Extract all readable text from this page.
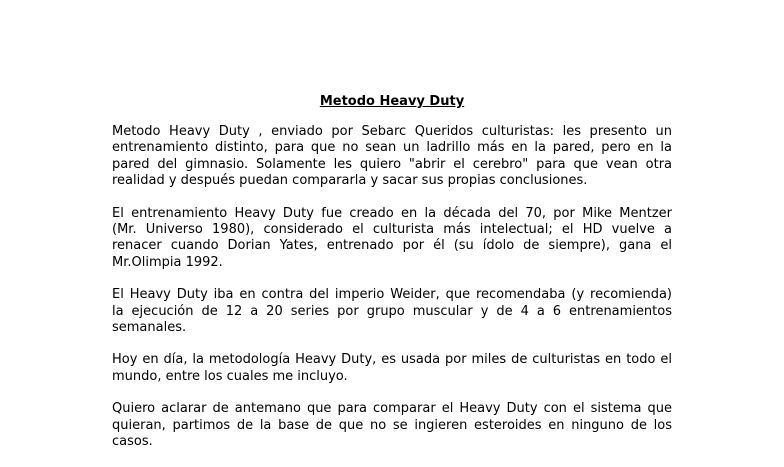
Metodo Heavy Duty

Metodo Heavy Duty , enviado por Sebarc Queridos culturistas: les presento un
entrenamiento distinto, para que no sean un ladrillo más en la pared, pero en la
pared del gimnasio. Solamente les quiero "abrir el cerebro" para que vean otra
realidad y después puedan compararla y sacar sus propias conclusiones.

El entrenamiento Heavy Duty fue creado en la década del 70, por Mike Mentzer
(Mr. Universo 1980), considerado el culturista más intelectual; el HD vuelve a
renacer cuando Dorian Yates, entrenado por él (su ídolo de siempre), gana el
Mr.Olimpia 1992.

El Heavy Duty iba en contra del imperio Weider, que recomendaba (y recomienda)
la ejecución de 12 a 20 series por grupo muscular y de 4 a 6 entrenamientos
semanales.

Hoy en día, la metodología Heavy Duty, es usada por miles de culturistas en todo el
mundo, entre los cuales me incluyo.

Quiero aclarar de antemano que para comparar el Heavy Duty con el sistema que
quieran, partimos de la base de que no se ingieren esteroides en ninguno de los
casos.
